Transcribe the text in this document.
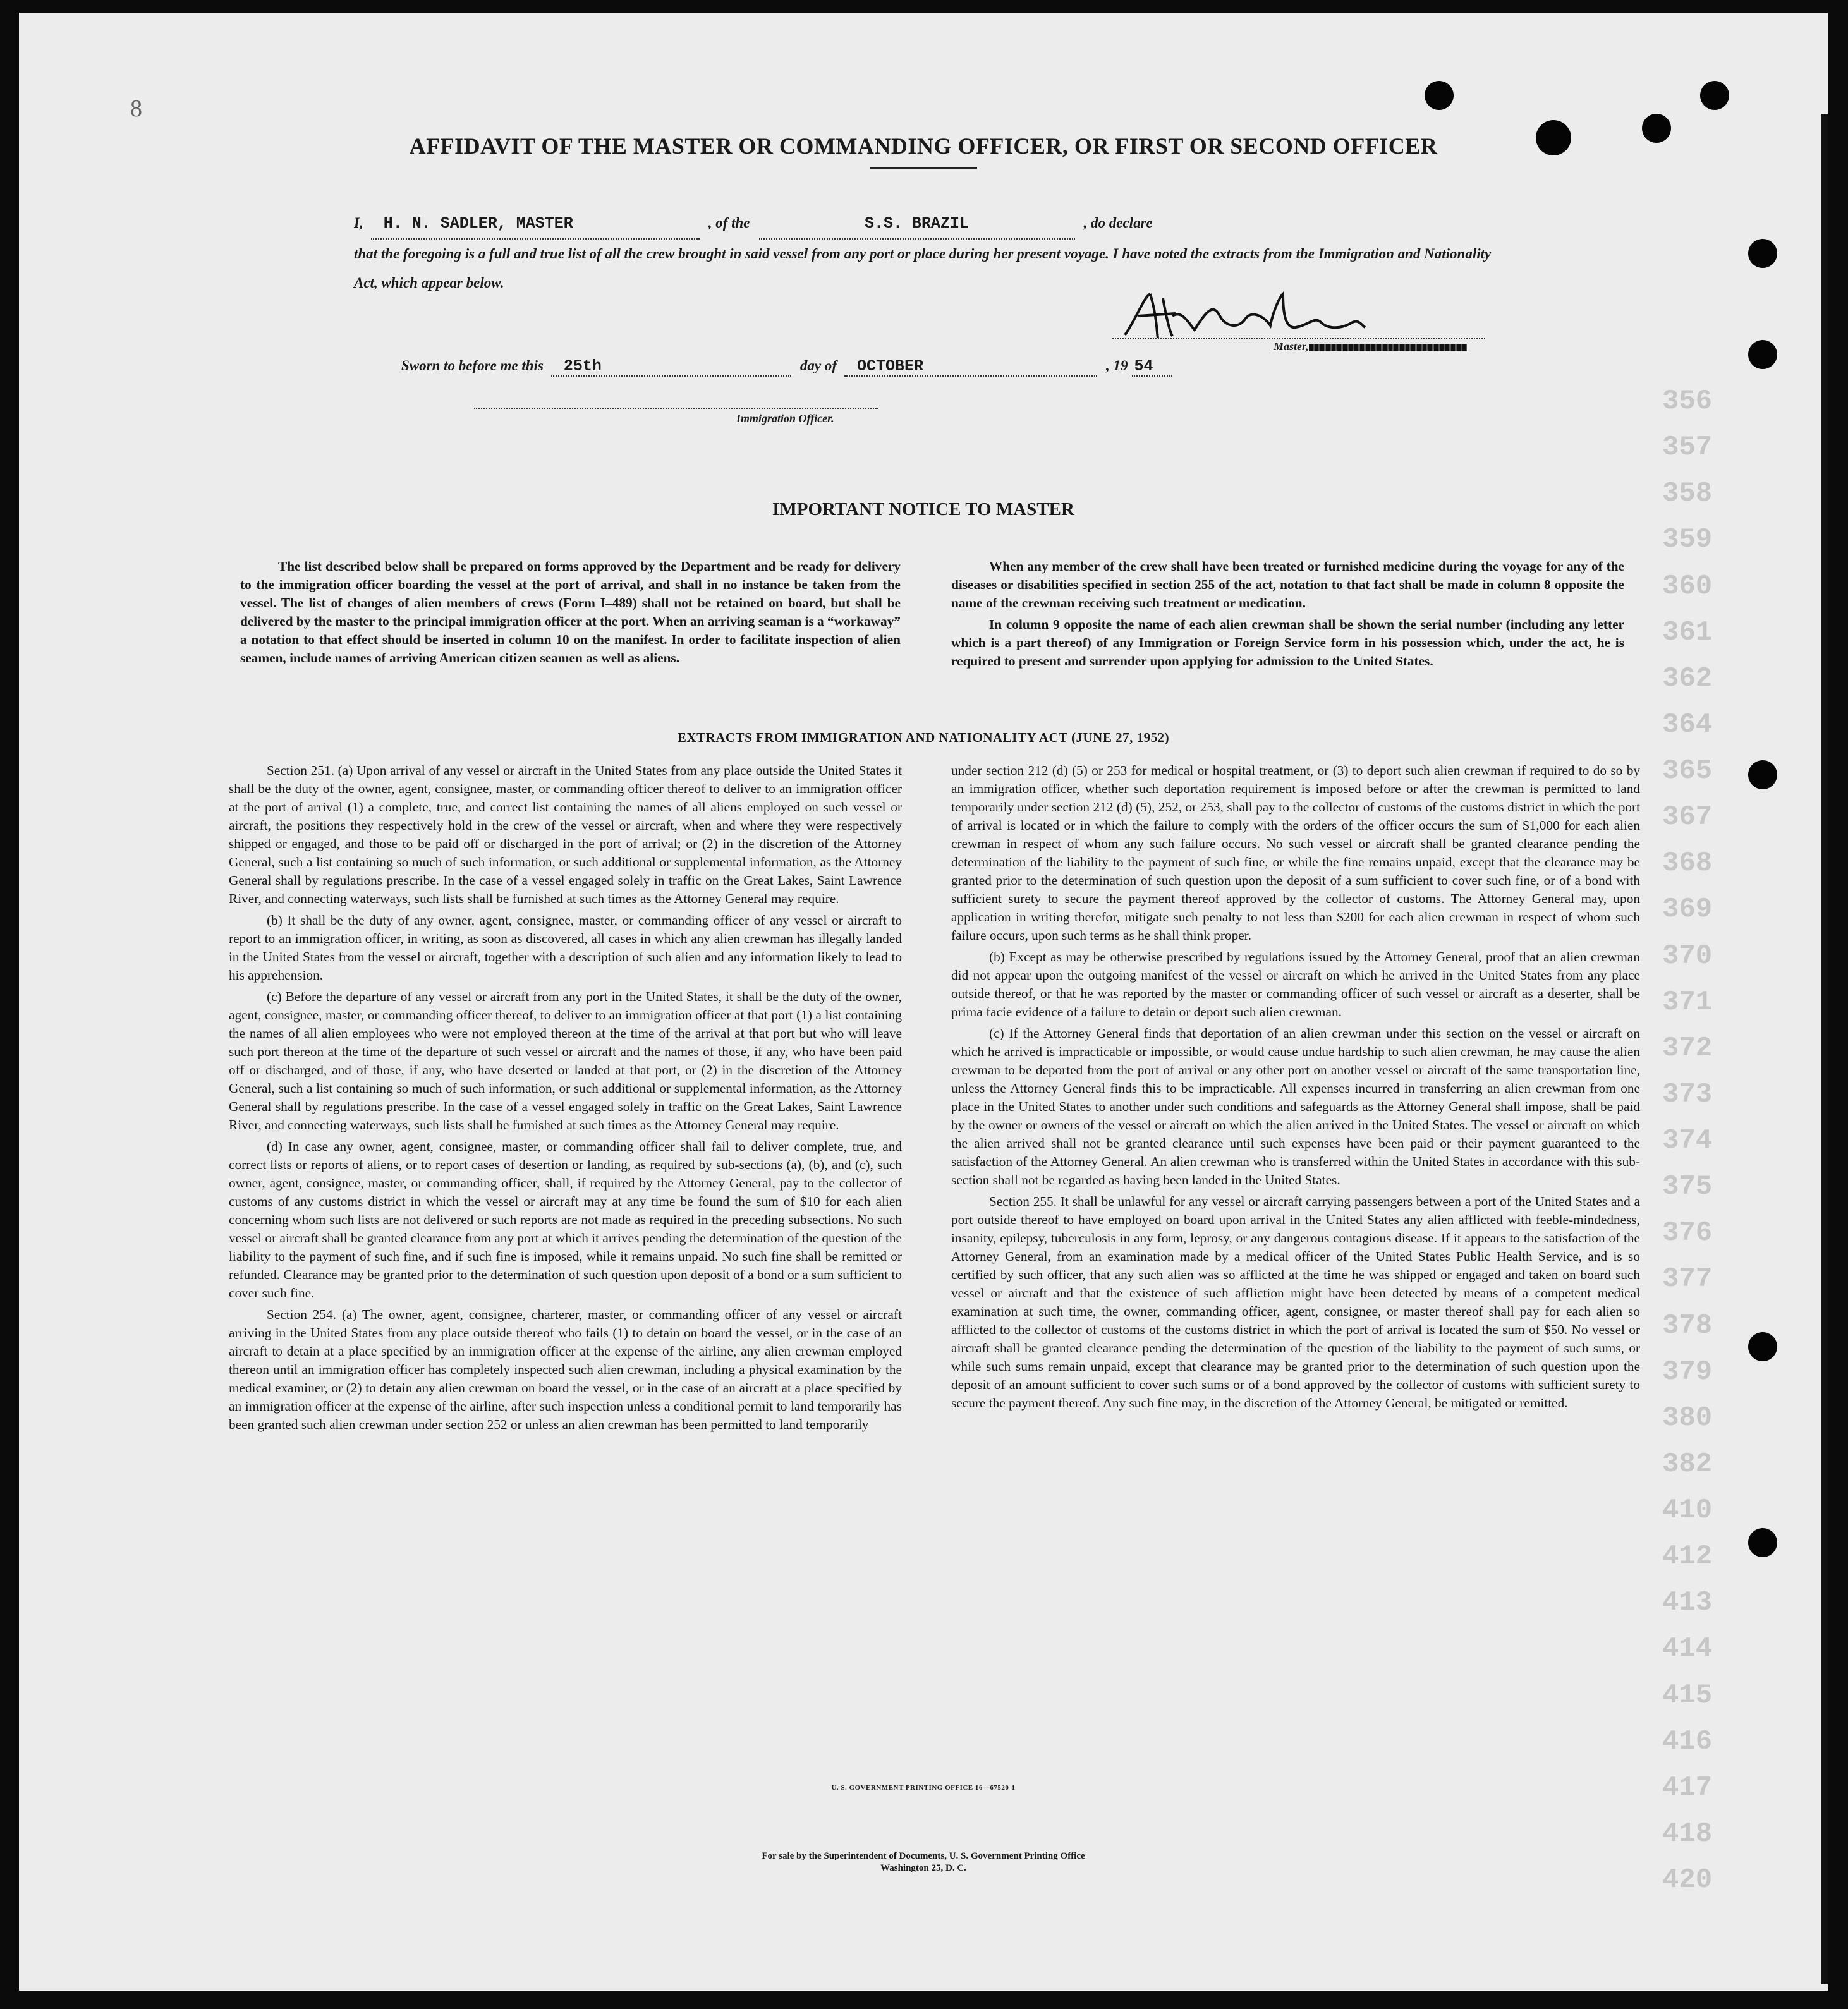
356
357
358
359
360
361
362
364
365
367
368
369
370
371
372
373
374
375
376
377
378
379
380
382
410
412
413
414
415
416
417
418
420
8
AFFIDAVIT OF THE MASTER OR COMMANDING OFFICER, OR FIRST OR SECOND OFFICER
I,	H. N. SADLER, MASTER	, of the	S.S. BRAZIL	, do declare
that the foregoing is a full and true list of all the crew brought in said vessel from any port or place during her present voyage. I have noted the extracts from the Immigration and Nationality Act, which appear below.
Master,
Sworn to before me this	25th	day of	OCTOBER	, 19 54
Immigration Officer.
IMPORTANT NOTICE TO MASTER

The list described below shall be prepared on forms approved by the Department and be ready for delivery to the immigration officer boarding the vessel at the port of arrival, and shall in no instance be taken from the vessel. The list of changes of alien members of crews (Form I–489) shall not be retained on board, but shall be delivered by the master to the principal immigration officer at the port. When an arriving seaman is a “workaway” a notation to that effect should be inserted in column 10 on the manifest. In order to facilitate inspection of alien seamen, include names of arriving American citizen seamen as well as aliens.

When any member of the crew shall have been treated or furnished medicine during the voyage for any of the diseases or disabilities specified in section 255 of the act, notation to that fact shall be made in column 8 opposite the name of the crewman receiving such treatment or medication.

In column 9 opposite the name of each alien crewman shall be shown the serial number (including any letter which is a part thereof) of any Immigration or Foreign Service form in his possession which, under the act, he is required to present and surrender upon applying for admission to the United States.

EXTRACTS FROM IMMIGRATION AND NATIONALITY ACT (JUNE 27, 1952)

Section 251. (a) Upon arrival of any vessel or aircraft in the United States from any place outside the United States it shall be the duty of the owner, agent, consignee, master, or commanding officer thereof to deliver to an immigration officer at the port of arrival (1) a complete, true, and correct list containing the names of all aliens employed on such vessel or aircraft, the positions they respectively hold in the crew of the vessel or aircraft, when and where they were respectively shipped or engaged, and those to be paid off or discharged in the port of arrival; or (2) in the discretion of the Attorney General, such a list containing so much of such information, or such additional or supplemental information, as the Attorney General shall by regulations prescribe. In the case of a vessel engaged solely in traffic on the Great Lakes, Saint Lawrence River, and connecting waterways, such lists shall be furnished at such times as the Attorney General may require.

(b) It shall be the duty of any owner, agent, consignee, master, or commanding officer of any vessel or aircraft to report to an immigration officer, in writing, as soon as discovered, all cases in which any alien crewman has illegally landed in the United States from the vessel or aircraft, together with a description of such alien and any information likely to lead to his apprehension.

(c) Before the departure of any vessel or aircraft from any port in the United States, it shall be the duty of the owner, agent, consignee, master, or commanding officer thereof, to deliver to an immigration officer at that port (1) a list containing the names of all alien employees who were not employed thereon at the time of the arrival at that port but who will leave such port thereon at the time of the departure of such vessel or aircraft and the names of those, if any, who have been paid off or discharged, and of those, if any, who have deserted or landed at that port, or (2) in the discretion of the Attorney General, such a list containing so much of such information, or such additional or supplemental information, as the Attorney General shall by regulations prescribe. In the case of a vessel engaged solely in traffic on the Great Lakes, Saint Lawrence River, and connecting waterways, such lists shall be furnished at such times as the Attorney General may require.

(d) In case any owner, agent, consignee, master, or commanding officer shall fail to deliver complete, true, and correct lists or reports of aliens, or to report cases of desertion or landing, as required by sub-sections (a), (b), and (c), such owner, agent, consignee, master, or commanding officer, shall, if required by the Attorney General, pay to the collector of customs of any customs district in which the vessel or aircraft may at any time be found the sum of $10 for each alien concerning whom such lists are not delivered or such reports are not made as required in the preceding subsections. No such vessel or aircraft shall be granted clearance from any port at which it arrives pending the determination of the question of the liability to the payment of such fine, and if such fine is imposed, while it remains unpaid. No such fine shall be remitted or refunded. Clearance may be granted prior to the determination of such question upon deposit of a bond or a sum sufficient to cover such fine.

Section 254. (a) The owner, agent, consignee, charterer, master, or commanding officer of any vessel or aircraft arriving in the United States from any place outside thereof who fails (1) to detain on board the vessel, or in the case of an aircraft to detain at a place specified by an immigration officer at the expense of the airline, any alien crewman employed thereon until an immigration officer has completely inspected such alien crewman, including a physical examination by the medical examiner, or (2) to detain any alien crewman on board the vessel, or in the case of an aircraft at a place specified by an immigration officer at the expense of the airline, after such inspection unless a conditional permit to land temporarily has been granted such alien crewman under section 252 or unless an alien crewman has been permitted to land temporarily

under section 212 (d) (5) or 253 for medical or hospital treatment, or (3) to deport such alien crewman if required to do so by an immigration officer, whether such deportation requirement is imposed before or after the crewman is permitted to land temporarily under section 212 (d) (5), 252, or 253, shall pay to the collector of customs of the customs district in which the port of arrival is located or in which the failure to comply with the orders of the officer occurs the sum of $1,000 for each alien crewman in respect of whom any such failure occurs. No such vessel or aircraft shall be granted clearance pending the determination of the liability to the payment of such fine, or while the fine remains unpaid, except that the clearance may be granted prior to the determination of such question upon the deposit of a sum sufficient to cover such fine, or of a bond with sufficient surety to secure the payment thereof approved by the collector of customs. The Attorney General may, upon application in writing therefor, mitigate such penalty to not less than $200 for each alien crewman in respect of whom such failure occurs, upon such terms as he shall think proper.

(b) Except as may be otherwise prescribed by regulations issued by the Attorney General, proof that an alien crewman did not appear upon the outgoing manifest of the vessel or aircraft on which he arrived in the United States from any place outside thereof, or that he was reported by the master or commanding officer of such vessel or aircraft as a deserter, shall be prima facie evidence of a failure to detain or deport such alien crewman.

(c) If the Attorney General finds that deportation of an alien crewman under this section on the vessel or aircraft on which he arrived is impracticable or impossible, or would cause undue hardship to such alien crewman, he may cause the alien crewman to be deported from the port of arrival or any other port on another vessel or aircraft of the same transportation line, unless the Attorney General finds this to be impracticable. All expenses incurred in transferring an alien crewman from one place in the United States to another under such conditions and safeguards as the Attorney General shall impose, shall be paid by the owner or owners of the vessel or aircraft on which the alien arrived in the United States. The vessel or aircraft on which the alien arrived shall not be granted clearance until such expenses have been paid or their payment guaranteed to the satisfaction of the Attorney General. An alien crewman who is transferred within the United States in accordance with this sub-section shall not be regarded as having been landed in the United States.

Section 255. It shall be unlawful for any vessel or aircraft carrying passengers between a port of the United States and a port outside thereof to have employed on board upon arrival in the United States any alien afflicted with feeble-mindedness, insanity, epilepsy, tuberculosis in any form, leprosy, or any dangerous contagious disease. If it appears to the satisfaction of the Attorney General, from an examination made by a medical officer of the United States Public Health Service, and is so certified by such officer, that any such alien was so afflicted at the time he was shipped or engaged and taken on board such vessel or aircraft and that the existence of such affliction might have been detected by means of a competent medical examination at such time, the owner, commanding officer, agent, consignee, or master thereof shall pay for each alien so afflicted to the collector of customs of the customs district in which the port of arrival is located the sum of $50. No vessel or aircraft shall be granted clearance pending the determination of the question of the liability to the payment of such sums, or while such sums remain unpaid, except that clearance may be granted prior to the determination of such question upon the deposit of an amount sufficient to cover such sums or of a bond approved by the collector of customs with sufficient surety to secure the payment thereof. Any such fine may, in the discretion of the Attorney General, be mitigated or remitted.

U. S. GOVERNMENT PRINTING OFFICE 16—67520-1
For sale by the Superintendent of Documents, U. S. Government Printing Office
Washington 25, D. C.
